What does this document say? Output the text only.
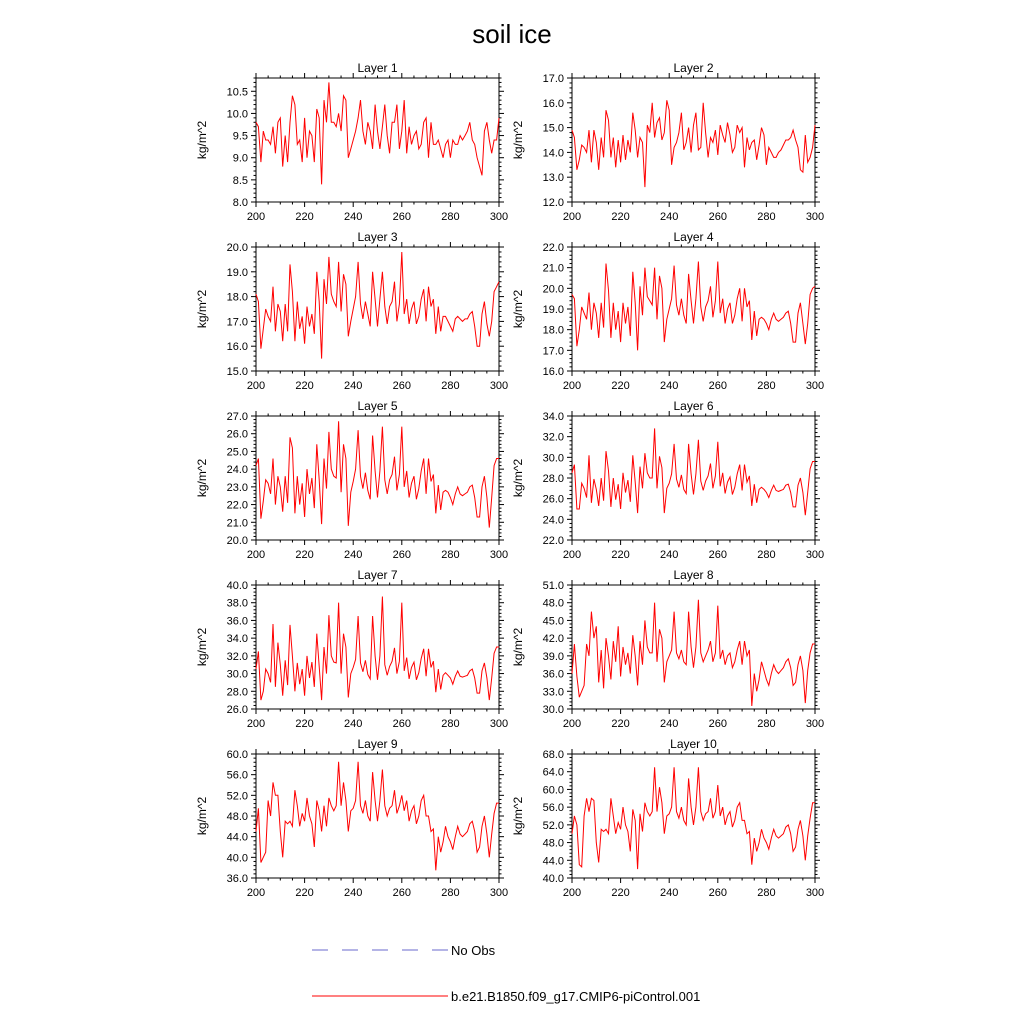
soil ice
Layer 1
kg/m^2
8.0
8.5
9.0
9.5
10.0
10.5
200	220	240	260	280	300
Layer 2
kg/m^2
12.0
13.0
14.0
15.0
16.0
17.0
200	220	240	260	280	300
Layer 3
kg/m^2
15.0
16.0
17.0
18.0
19.0
20.0
200	220	240	260	280	300
Layer 4
kg/m^2
16.0
17.0
18.0
19.0
20.0
21.0
22.0
200	220	240	260	280	300
Layer 5
kg/m^2
20.0
21.0
22.0
23.0
24.0
25.0
26.0
27.0
200	220	240	260	280	300
Layer 6
kg/m^2
22.0
24.0
26.0
28.0
30.0
32.0
34.0
200	220	240	260	280	300
Layer 7
kg/m^2
26.0
28.0
30.0
32.0
34.0
36.0
38.0
40.0
200	220	240	260	280	300
Layer 8
kg/m^2
30.0
33.0
36.0
39.0
42.0
45.0
48.0
51.0
200	220	240	260	280	300
Layer 9
kg/m^2
36.0
40.0
44.0
48.0
52.0
56.0
60.0
200	220	240	260	280	300
Layer 10
kg/m^2
40.0
44.0
48.0
52.0
56.0
60.0
64.0
68.0
200	220	240	260	280	300
No Obs
b.e21.B1850.f09_g17.CMIP6-piControl.001
